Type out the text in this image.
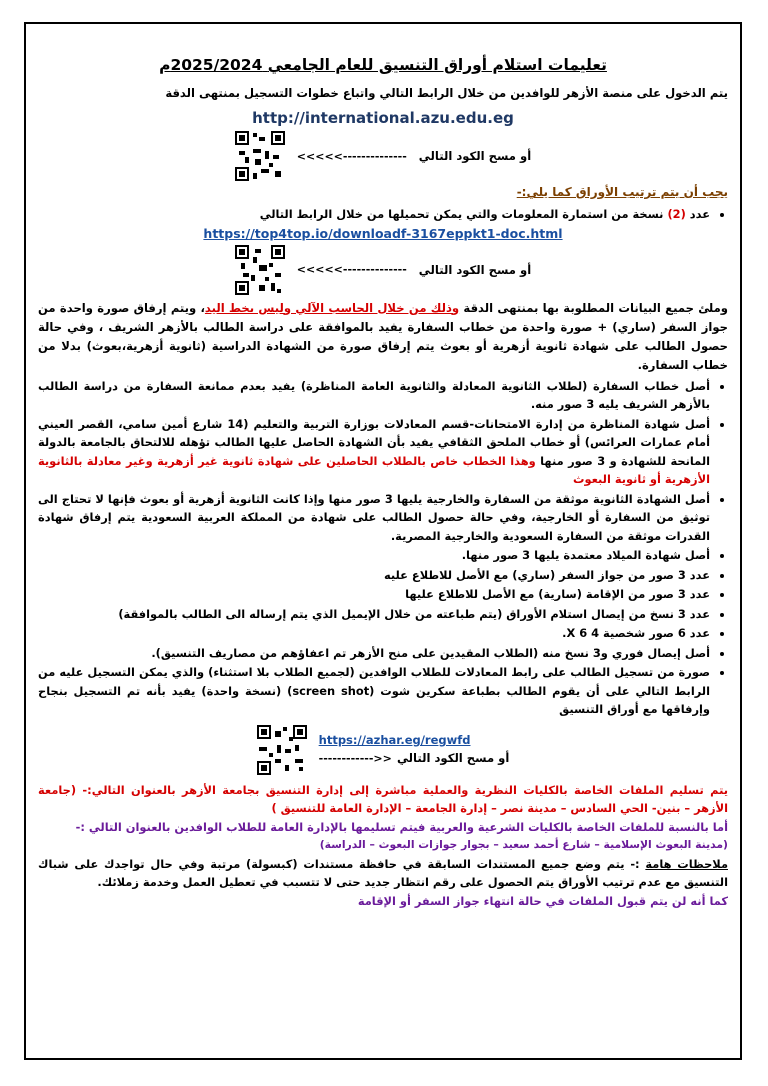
تعليمات استلام أوراق التنسيق للعام الجامعي 2025/2024م

يتم الدخول على منصة الأزهر للوافدين من خلال الرابط التالي واتباع خطوات التسجيل بمنتهى الدقة

http://international.azu.edu.eg
أو مسح الكود التالي
<<<<<--------------

يجب أن يتم ترتيب الأوراق كما يلي:-

• عدد (2) نسخة من استمارة المعلومات والتي يمكن تحميلها من خلال الرابط التالي
https://top4top.io/downloadf-3167eppkt1-doc.html
أو مسح الكود التالي
<<<<<--------------

وملئ جميع البيانات المطلوبة بها بمنتهى الدقة وذلك من خلال الحاسب الآلي وليس بخط اليد، ويتم إرفاق صورة واحدة من جواز السفر (ساري) + صورة واحدة من خطاب السفارة يفيد بالموافقة على دراسة الطالب بالأزهر الشريف ، وفي حالة حصول الطالب على شهادة ثانوية أزهرية أو بعوث يتم إرفاق صورة من الشهادة الدراسية (ثانوية أزهرية،بعوث) بدلا من خطاب السفارة.

• أصل خطاب السفارة (لطلاب الثانوية المعادلة والثانوية العامة المناظرة) يفيد بعدم ممانعة السفارة من دراسة الطالب بالأزهر الشريف يليه 3 صور منه.
• أصل شهادة المناظرة من إدارة الامتحانات-قسم المعادلات بوزارة التربية والتعليم (14 شارع أمين سامي، القصر العيني أمام عمارات العرائس) أو خطاب الملحق الثقافي يفيد بأن الشهادة الحاصل عليها الطالب تؤهله للالتحاق بالجامعة بالدولة المانحة للشهادة و 3 صور منها وهذا الخطاب خاص بالطلاب الحاصلين على شهادة ثانوية غير أزهرية وغير معادلة بالثانوية الأزهرية أو ثانوية البعوث
• أصل الشهادة الثانوية موثقة من السفارة والخارجية يليها 3 صور منها وإذا كانت الثانوية أزهرية أو بعوث فإنها لا تحتاج الى توثيق من السفارة أو الخارجية، وفي حالة حصول الطالب على شهادة من المملكة العربية السعودية يتم إرفاق شهادة القدرات موثقة من السفارة السعودية والخارجية المصرية.
• أصل شهادة الميلاد معتمدة يليها 3 صور منها.
• عدد 3 صور من جواز السفر (ساري) مع الأصل للاطلاع عليه
• عدد 3 صور من الإقامة (سارية) مع الأصل للاطلاع عليها
• عدد 3 نسخ من إيصال استلام الأوراق (يتم طباعته من خلال الإيميل الذي يتم إرساله الى الطالب بالموافقة)
• عدد 6 صور شخصية 4 X 6.
• أصل إيصال فوري و3 نسخ منه (الطلاب المقيدين على منح الأزهر تم اعفاؤهم من مصاريف التنسيق).
• صورة من تسجيل الطالب على رابط المعادلات للطلاب الوافدين (لجميع الطلاب بلا استثناء) والذي يمكن التسجيل عليه من الرابط التالي على أن يقوم الطالب بطباعة سكرين شوت (screen shot) (نسخة واحدة) يفيد بأنه تم التسجيل بنجاح وإرفاقها مع أوراق التنسيق
https://azhar.eg/regwfd
أو مسح الكود التالي <<------------

يتم تسليم الملفات الخاصة بالكليات النظرية والعملية مباشرة إلى إدارة التنسيق بجامعة الأزهر بالعنوان التالي:- (جامعة الأزهر – بنين- الحي السادس – مدينة نصر – إدارة الجامعة – الإدارة العامة للتنسيق )

أما بالنسبة للملفات الخاصة بالكليات الشرعية والعربية فيتم تسليمها بالإدارة العامة للطلاب الوافدين بالعنوان التالي :-

(مدينة البعوث الإسلامية – شارع أحمد سعيد – بجوار جوازات البعوث – الدراسة)

ملاحظات هامة :- يتم وضع جميع المستندات السابقة في حافظة مستندات (كبسولة) مرتبة وفي حال تواجدك على شباك التنسيق مع عدم ترتيب الأوراق يتم الحصول على رقم انتظار جديد حتى لا تتسبب في تعطيل العمل وخدمة زملائك.

كما أنه لن يتم قبول الملفات في حالة انتهاء جواز السفر أو الإقامة
